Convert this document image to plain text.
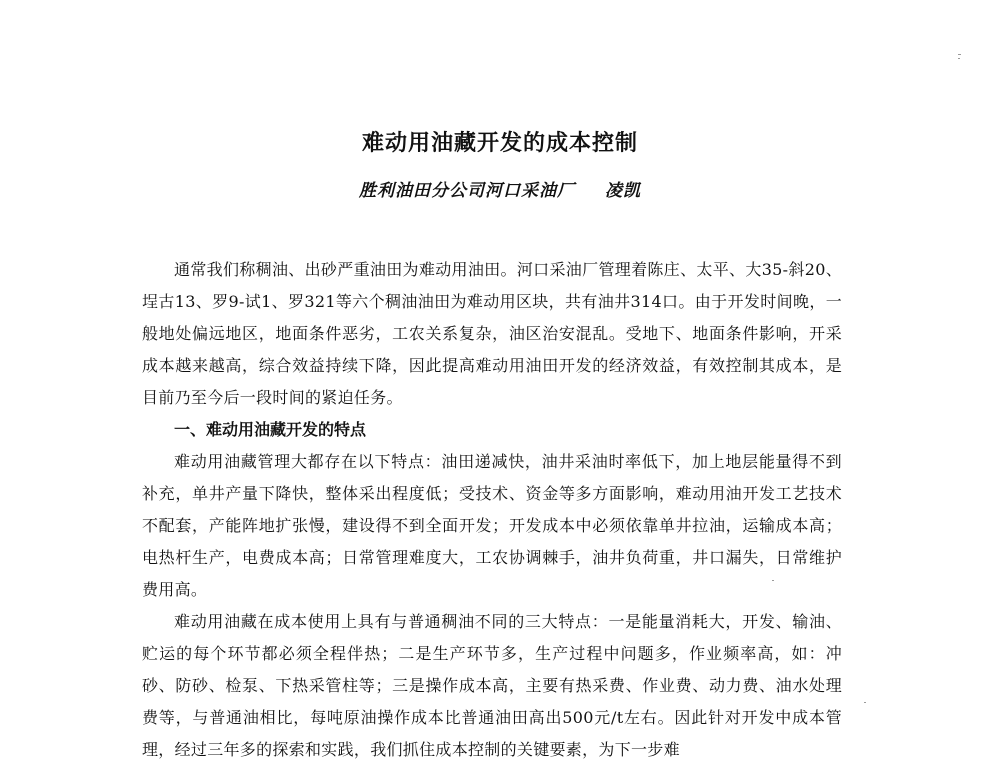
难动用油藏开发的成本控制

胜利油田分公司河口采油厂 凌凯

通常我们称稠油、出砂严重油田为难动用油田。河口采油厂管理着陈庄、太平、大35-斜20、埕古13、罗9-试1、罗321等六个稠油油田为难动用区块，共有油井314口。由于开发时间晚，一般地处偏远地区，地面条件恶劣，工农关系复杂，油区治安混乱。受地下、地面条件影响，开采成本越来越高，综合效益持续下降，因此提高难动用油田开发的经济效益，有效控制其成本，是目前乃至今后一段时间的紧迫任务。

一、难动用油藏开发的特点

难动用油藏管理大都存在以下特点：油田递减快，油井采油时率低下，加上地层能量得不到补充，单井产量下降快，整体采出程度低；受技术、资金等多方面影响，难动用油开发工艺技术不配套，产能阵地扩张慢，建设得不到全面开发；开发成本中必须依靠单井拉油，运输成本高；电热杆生产，电费成本高；日常管理难度大，工农协调棘手，油井负荷重，井口漏失，日常维护费用高。

难动用油藏在成本使用上具有与普通稠油不同的三大特点：一是能量消耗大，开发、输油、贮运的每个环节都必须全程伴热；二是生产环节多，生产过程中问题多，作业频率高，如：冲砂、防砂、检泵、下热采管柱等；三是操作成本高，主要有热采费、作业费、动力费、油水处理费等，与普通油相比，每吨原油操作成本比普通油田高出500元/t左右。因此针对开发中成本管理，经过三年多的探索和实践，我们抓住成本控制的关键要素，为下一步难
